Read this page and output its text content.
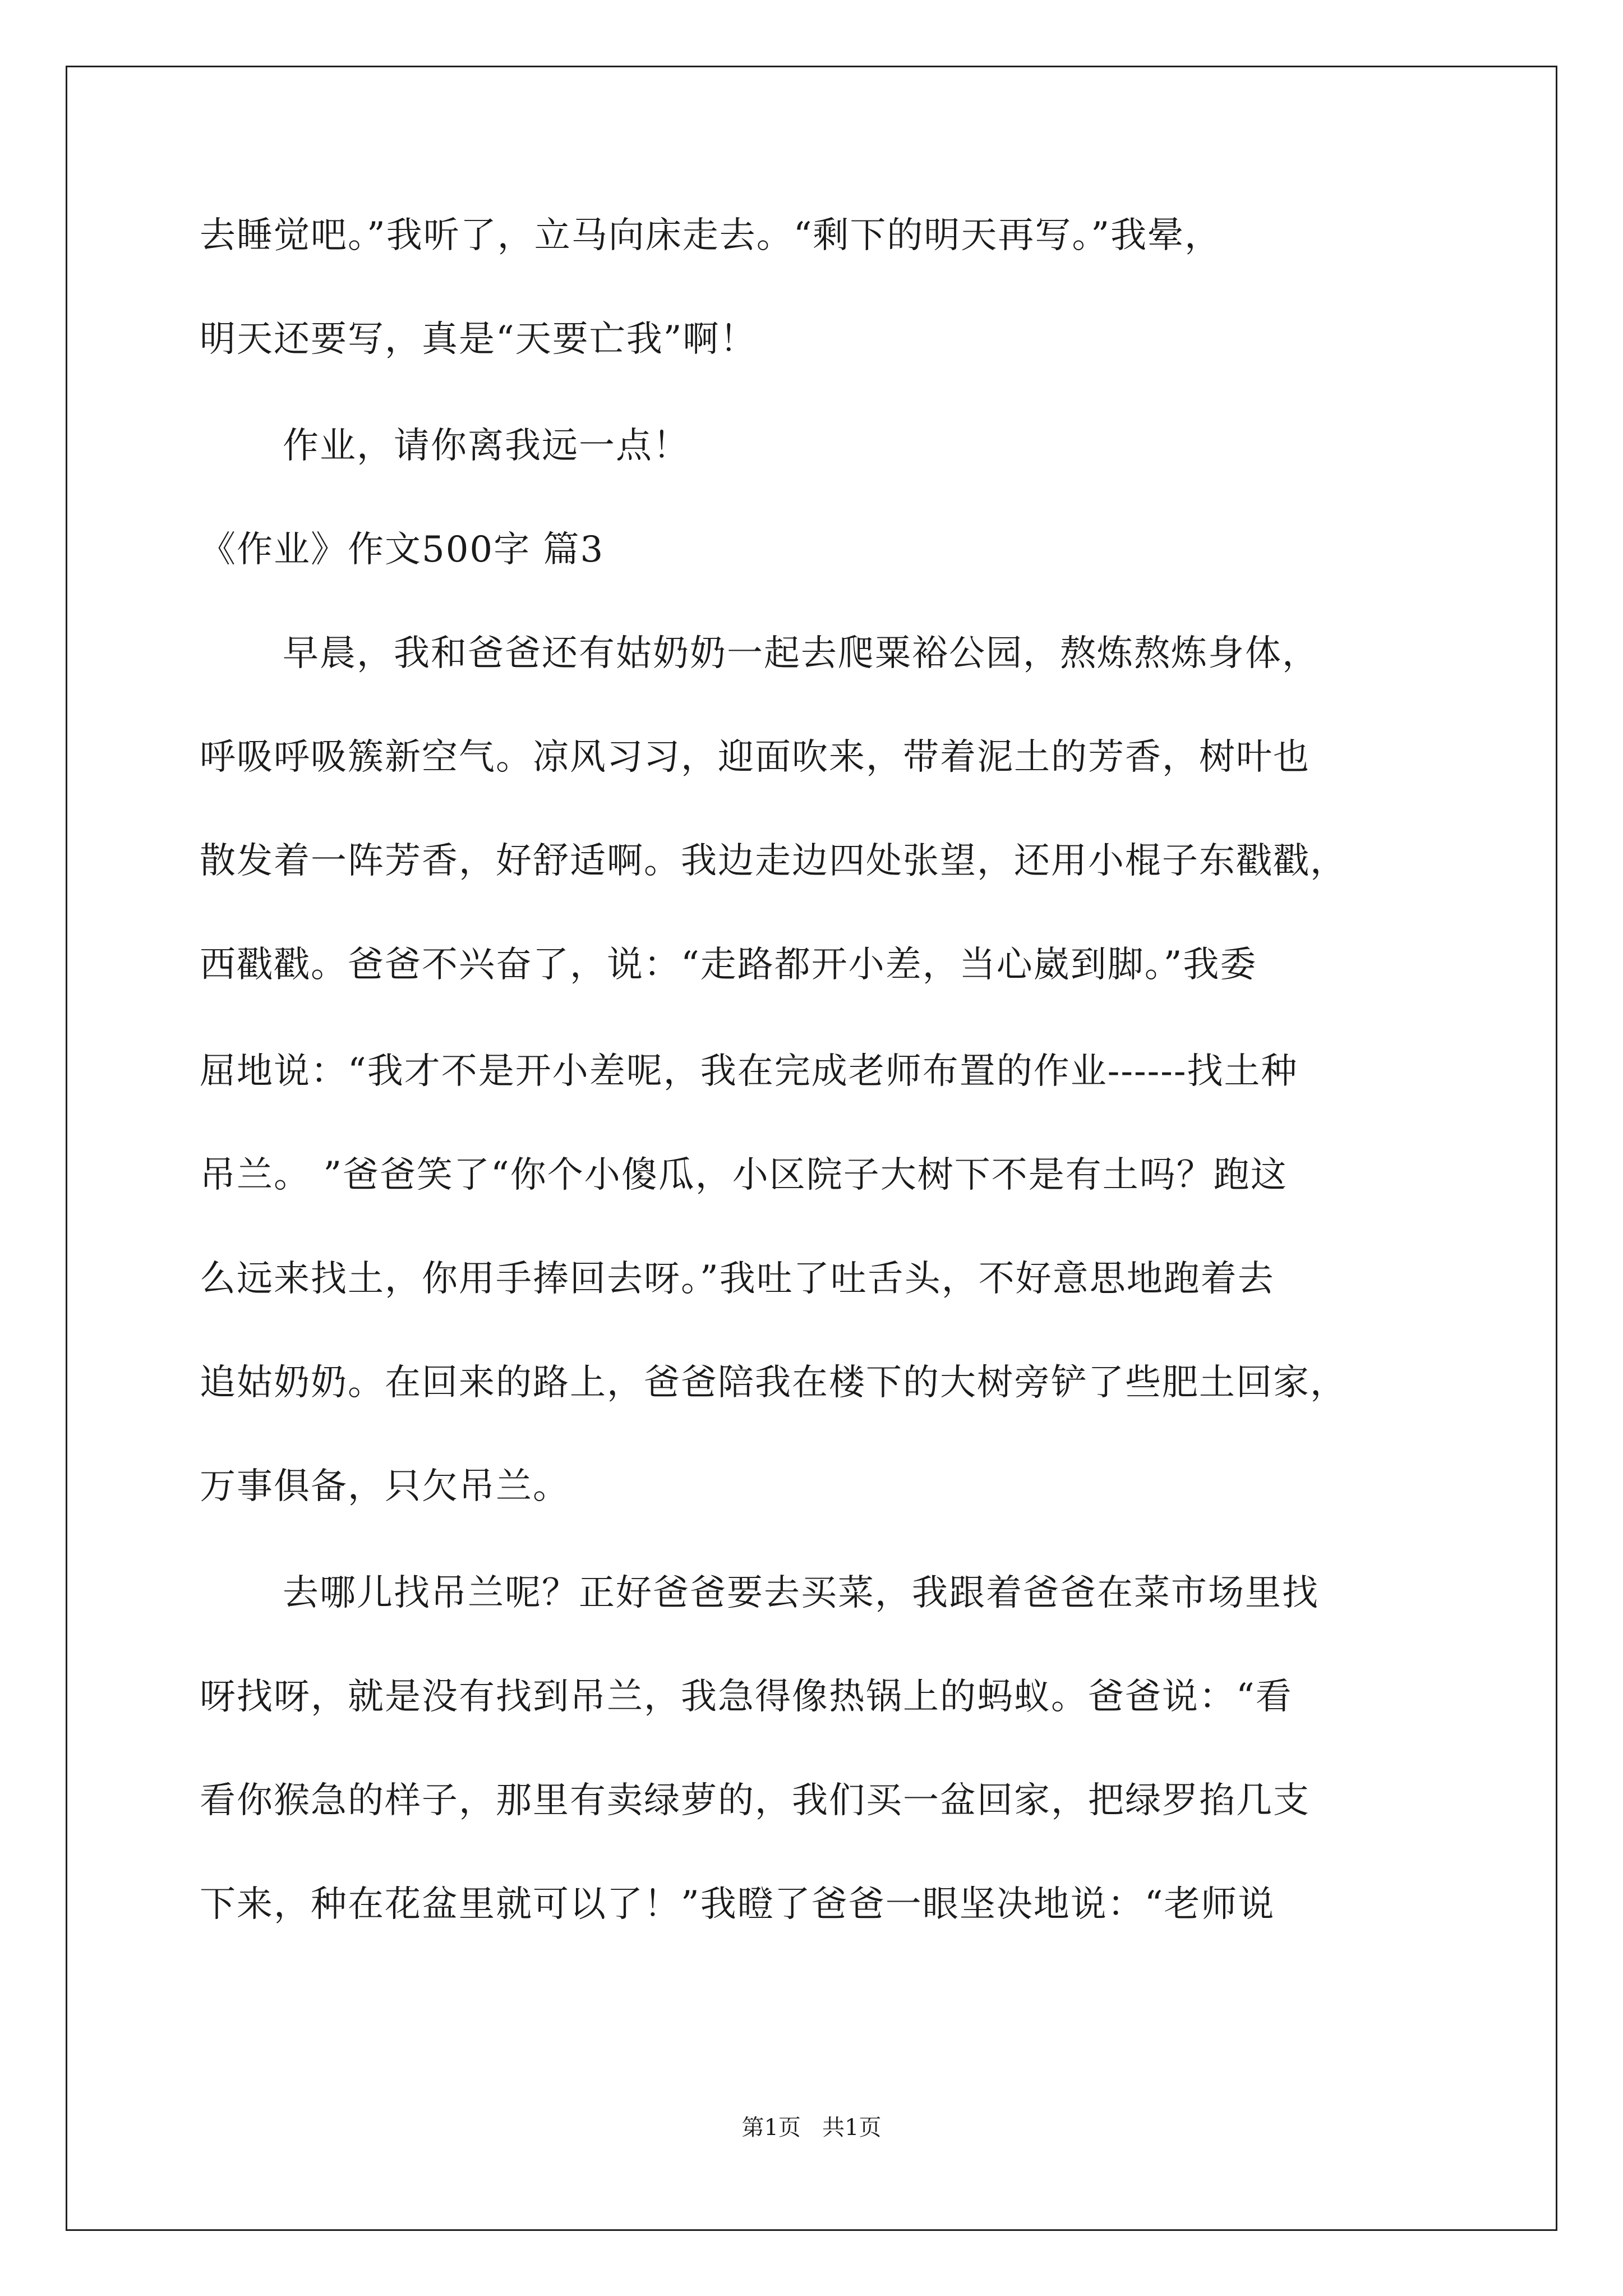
去睡觉吧。”我听了，立马向床走去。“剩下的明天再写。”我晕，
明天还要写，真是“天要亡我”啊！
作业，请你离我远一点！
《作业》作文500字 篇3
早晨，我和爸爸还有姑奶奶一起去爬粟裕公园，熬炼熬炼身体，
呼吸呼吸簇新空气。凉风习习，迎面吹来，带着泥土的芳香，树叶也
散发着一阵芳香，好舒适啊。我边走边四处张望，还用小棍子东戳戳，
西戳戳。爸爸不兴奋了，说：“走路都开小差，当心崴到脚。”我委
屈地说：“我才不是开小差呢，我在完成老师布置的作业------找土种
吊兰。 ”爸爸笑了“你个小傻瓜，小区院子大树下不是有土吗？跑这
么远来找土，你用手捧回去呀。”我吐了吐舌头，不好意思地跑着去
追姑奶奶。在回来的路上，爸爸陪我在楼下的大树旁铲了些肥土回家，
万事俱备，只欠吊兰。
去哪儿找吊兰呢？正好爸爸要去买菜，我跟着爸爸在菜市场里找
呀找呀，就是没有找到吊兰，我急得像热锅上的蚂蚁。爸爸说：“看
看你猴急的样子，那里有卖绿萝的，我们买一盆回家，把绿罗掐几支
下来，种在花盆里就可以了！”我瞪了爸爸一眼坚决地说：“老师说
第1页   共1页
